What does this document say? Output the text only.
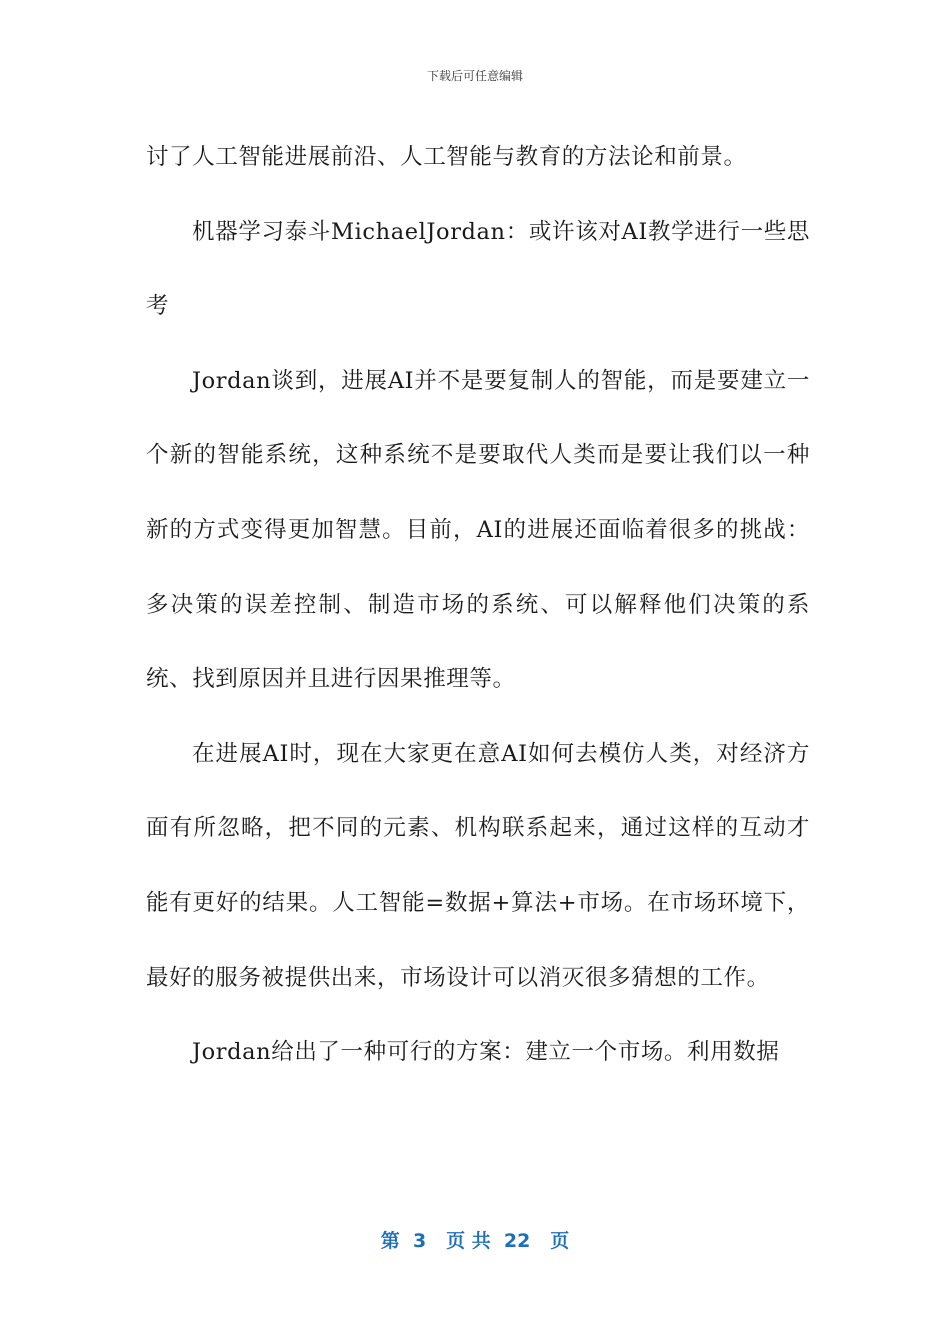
下载后可任意编辑

讨了人工智能进展前沿、人工智能与教育的方法论和前景。

机器学习泰斗MichaelJordan：或许该对AI教学进行一些思考

Jordan谈到，进展AI并不是要复制人的智能，而是要建立一个新的智能系统，这种系统不是要取代人类而是要让我们以一种新的方式变得更加智慧。目前，AI的进展还面临着很多的挑战：多决策的误差控制、制造市场的系统、可以解释他们决策的系统、找到原因并且进行因果推理等。

在进展AI时，现在大家更在意AI如何去模仿人类，对经济方面有所忽略，把不同的元素、机构联系起来，通过这样的互动才能有更好的结果。人工智能=数据+算法+市场。在市场环境下，最好的服务被提供出来，市场设计可以消灭很多猜想的工作。

Jordan给出了一种可行的方案：建立一个市场。利用数据

第  3   页 共  22   页
